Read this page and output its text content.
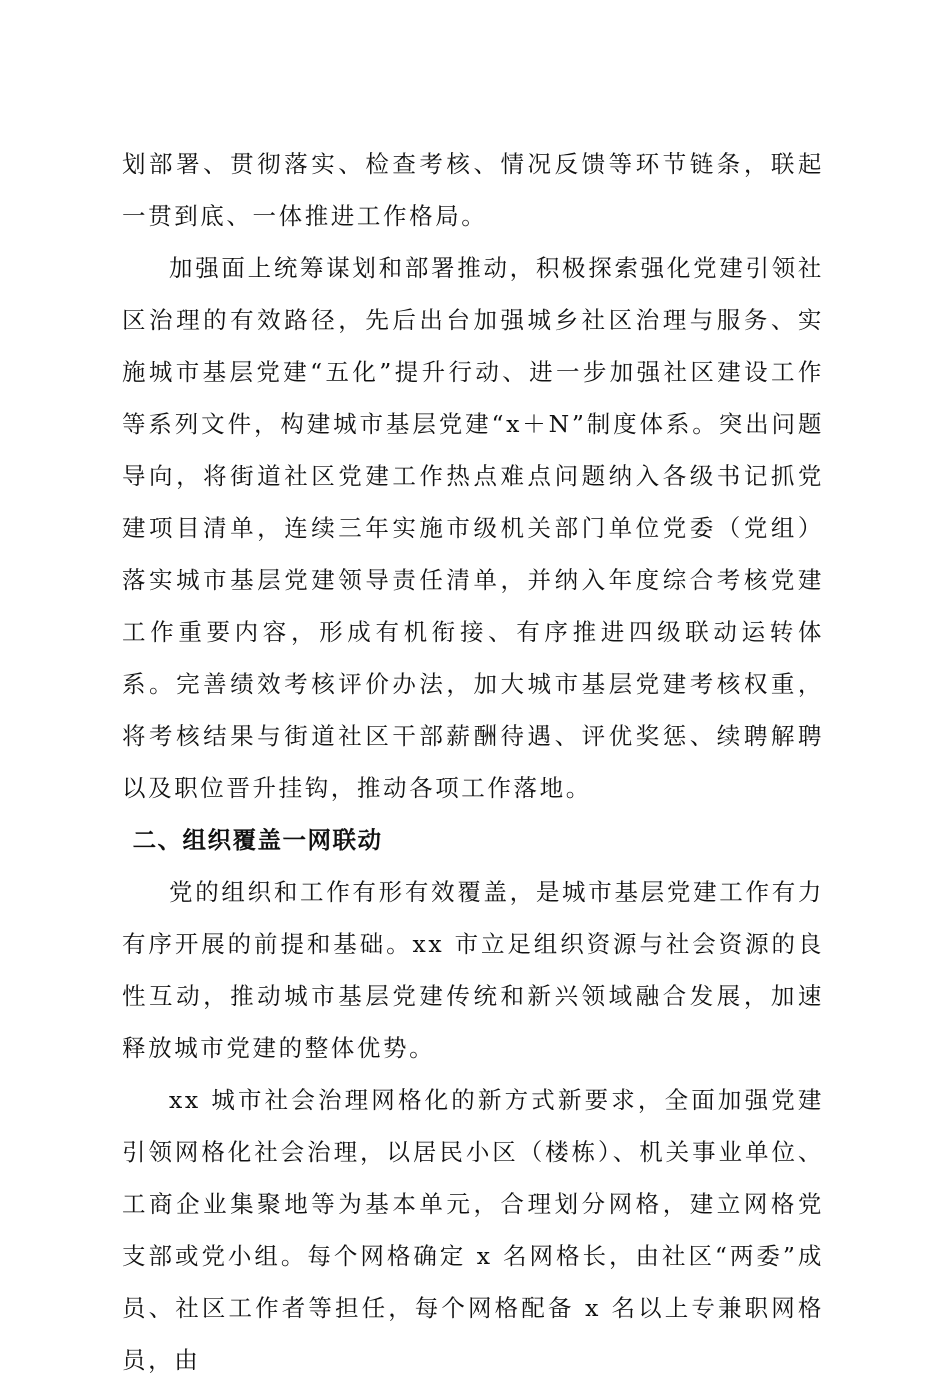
划部署、贯彻落实、检查考核、情况反馈等环节链条，联起一贯到底、一体推进工作格局。

加强面上统筹谋划和部署推动，积极探索强化党建引领社区治理的有效路径，先后出台加强城乡社区治理与服务、实施城市基层党建“五化”提升行动、进一步加强社区建设工作等系列文件，构建城市基层党建“x＋N”制度体系。突出问题导向，将街道社区党建工作热点难点问题纳入各级书记抓党建项目清单，连续三年实施市级机关部门单位党委（党组）落实城市基层党建领导责任清单，并纳入年度综合考核党建工作重要内容，形成有机衔接、有序推进四级联动运转体系。完善绩效考核评价办法，加大城市基层党建考核权重，将考核结果与街道社区干部薪酬待遇、评优奖惩、续聘解聘以及职位晋升挂钩，推动各项工作落地。

二、组织覆盖一网联动

党的组织和工作有形有效覆盖，是城市基层党建工作有力有序开展的前提和基础。xx 市立足组织资源与社会资源的良性互动，推动城市基层党建传统和新兴领域融合发展，加速释放城市党建的整体优势。

xx 城市社会治理网格化的新方式新要求，全面加强党建引领网格化社会治理，以居民小区（楼栋）、机关事业单位、工商企业集聚地等为基本单元，合理划分网格，建立网格党支部或党小组。每个网格确定 x 名网格长，由社区“两委”成员、社区工作者等担任，每个网格配备 x 名以上专兼职网格员，由
